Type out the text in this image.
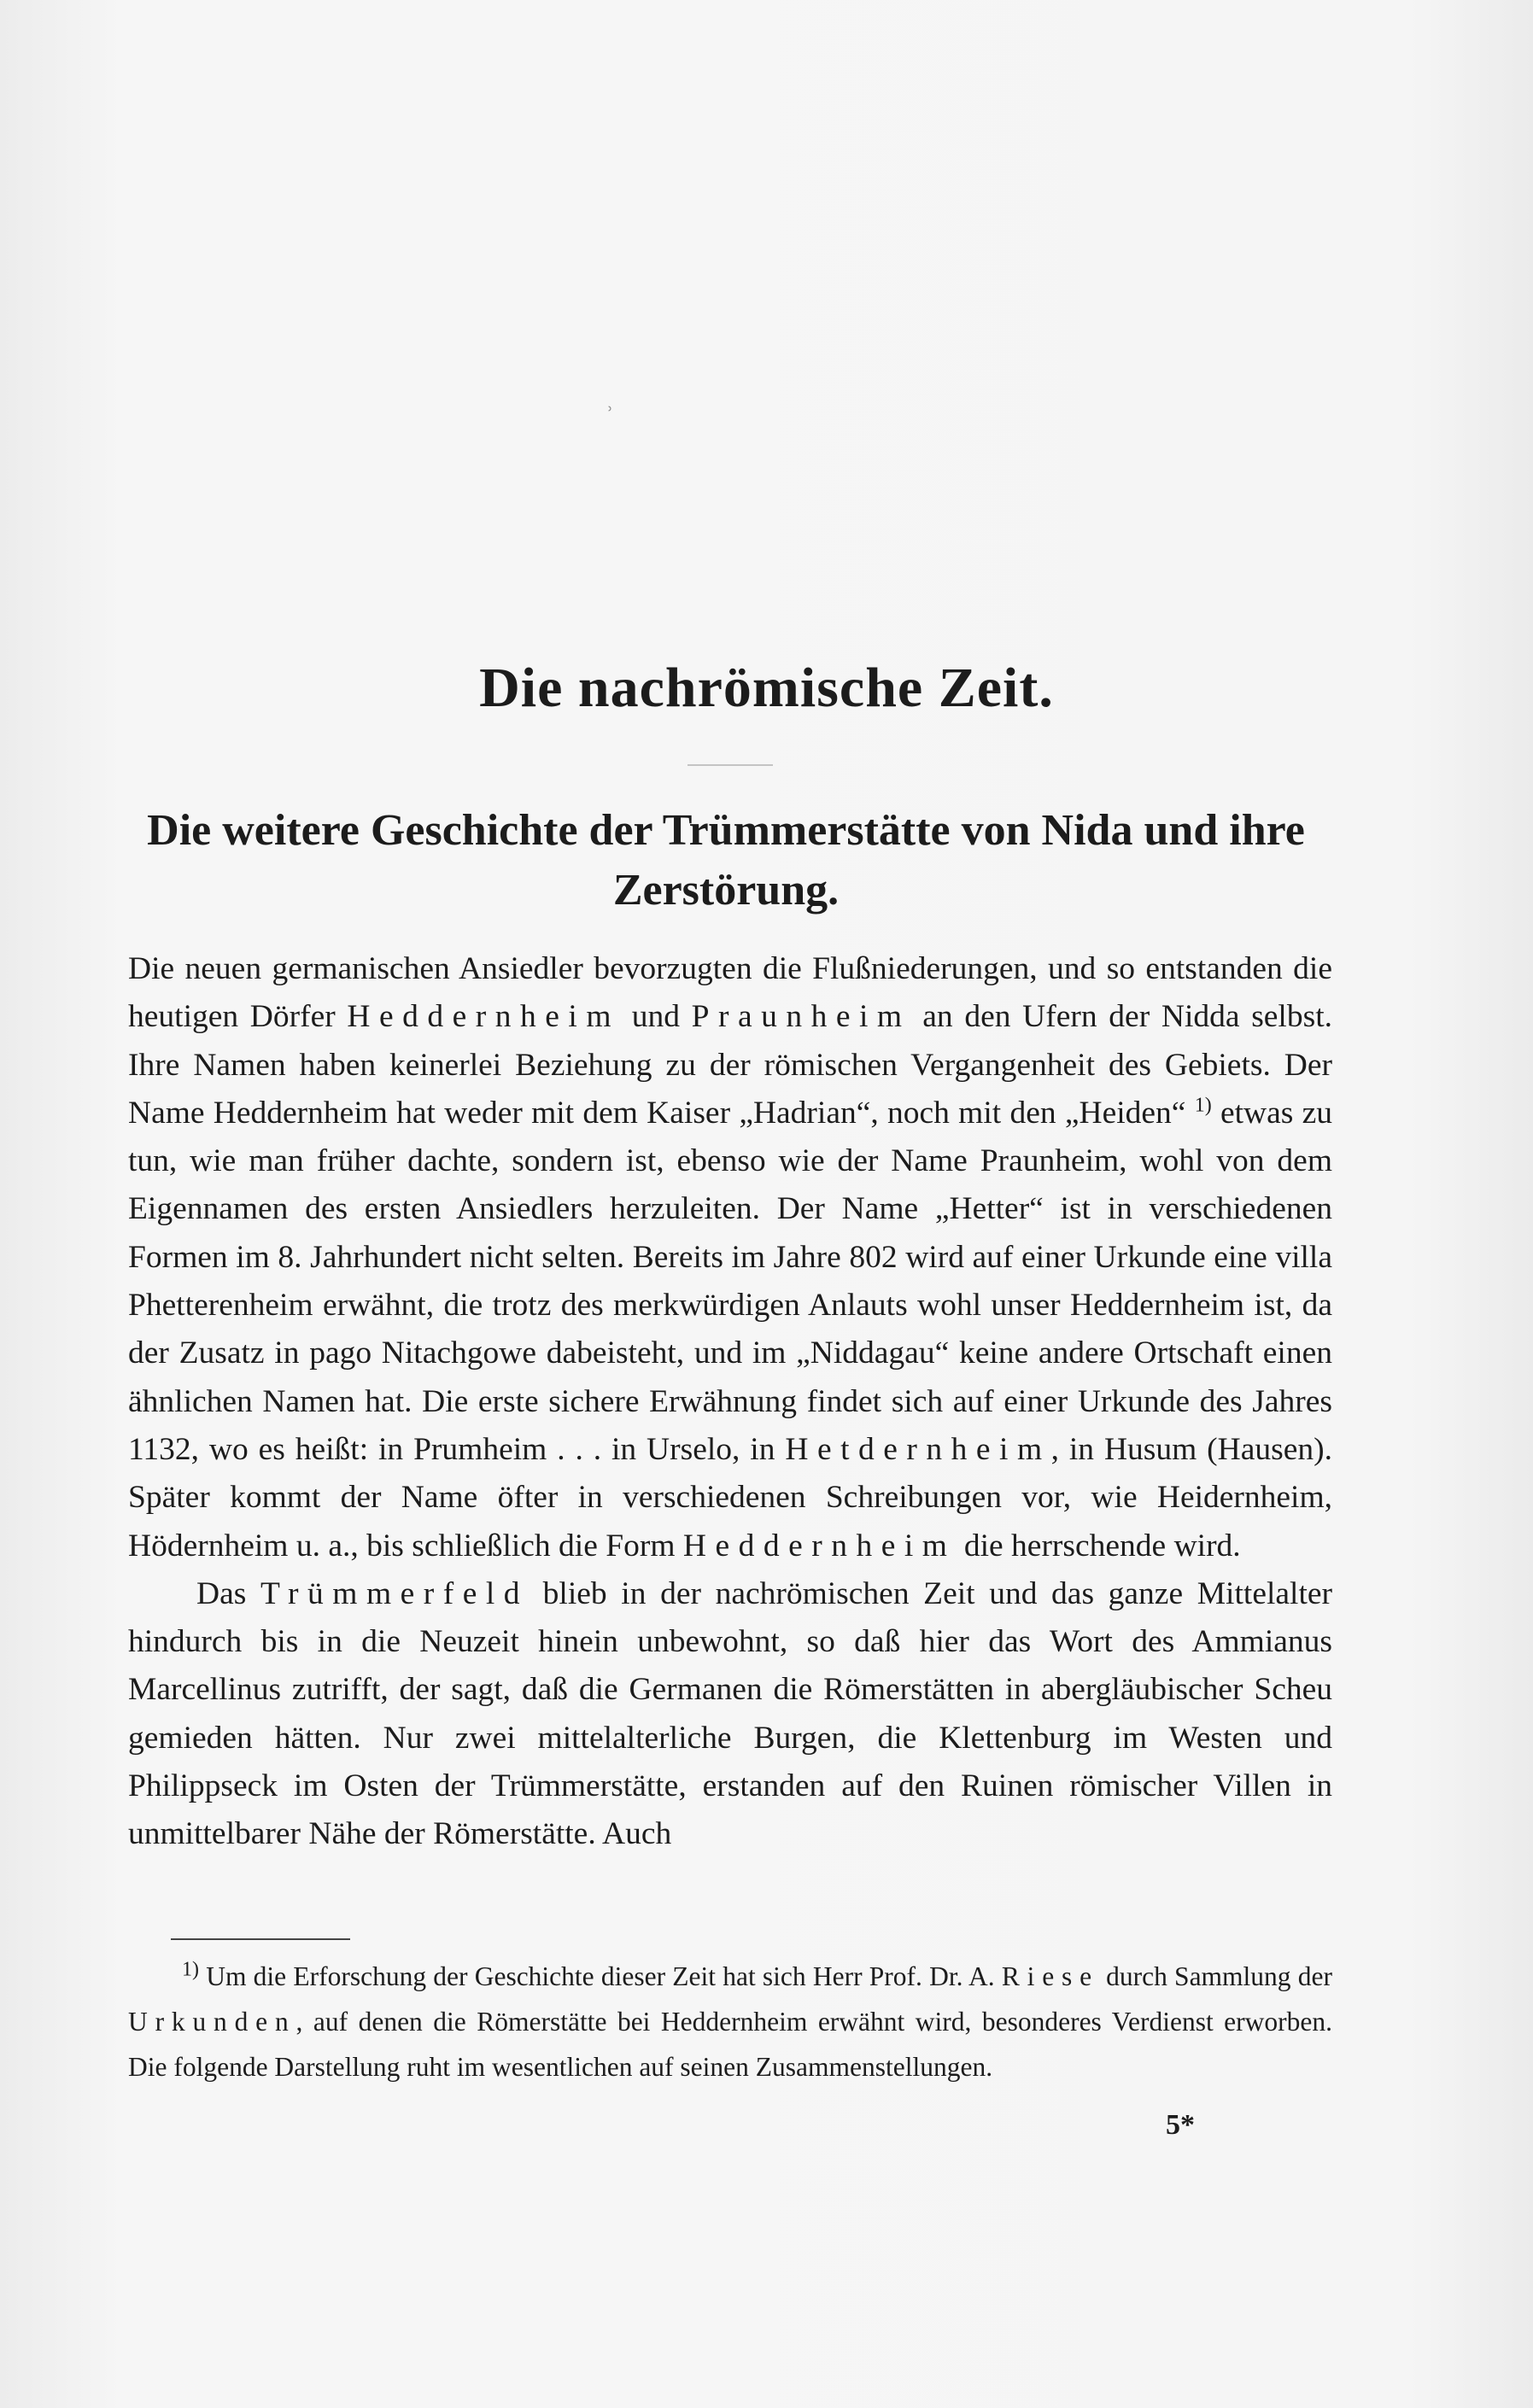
ʾ
Die nachrömische Zeit.
Die weitere Geschichte der Trümmerstätte von Nida und ihre Zerstörung.

Die neuen germanischen Ansiedler bevorzugten die Flußniederungen, und so entstanden die heutigen Dörfer Heddernheim und Praunheim an den Ufern der Nidda selbst. Ihre Namen haben keinerlei Beziehung zu der römischen Vergangenheit des Gebiets. Der Name Heddernheim hat weder mit dem Kaiser „Hadrian“, noch mit den „Heiden“ $^{1)}$ etwas zu tun, wie man früher dachte, sondern ist, ebenso wie der Name Praunheim, wohl von dem Eigennamen des ersten Ansiedlers herzuleiten. Der Name „Hetter“ ist in verschiedenen Formen im 8. Jahrhundert nicht selten. Bereits im Jahre 802 wird auf einer Urkunde eine villa Phetterenheim erwähnt, die trotz des merkwürdigen Anlauts wohl unser Heddernheim ist, da der Zusatz in pago Nitachgowe dabeisteht, und im „Niddagau“ keine andere Ortschaft einen ähnlichen Namen hat. Die erste sichere Erwähnung findet sich auf einer Urkunde des Jahres 1132, wo es heißt: in Prumheim . . . in Urselo, in Hetdernheim, in Husum (Hausen). Später kommt der Name öfter in verschiedenen Schreibungen vor, wie Heidernheim, Hödernheim u. a., bis schließlich die Form Heddernheim die herrschende wird.

Das Trümmerfeld blieb in der nachrömischen Zeit und das ganze Mittelalter hindurch bis in die Neuzeit hinein unbewohnt, so daß hier das Wort des Ammianus Marcellinus zutrifft, der sagt, daß die Germanen die Römerstätten in abergläubischer Scheu gemieden hätten. Nur zwei mittelalterliche Burgen, die Klettenburg im Westen und Philippseck im Osten der Trümmerstätte, erstanden auf den Ruinen römischer Villen in unmittelbarer Nähe der Römerstätte. Auch

$^{1)}$ Um die Erforschung der Geschichte dieser Zeit hat sich Herr Prof. Dr. A. Riese durch Sammlung der Urkunden, auf denen die Römerstätte bei Heddernheim erwähnt wird, besonderes Verdienst erworben. Die folgende Darstellung ruht im wesentlichen auf seinen Zusammenstellungen.

5*
